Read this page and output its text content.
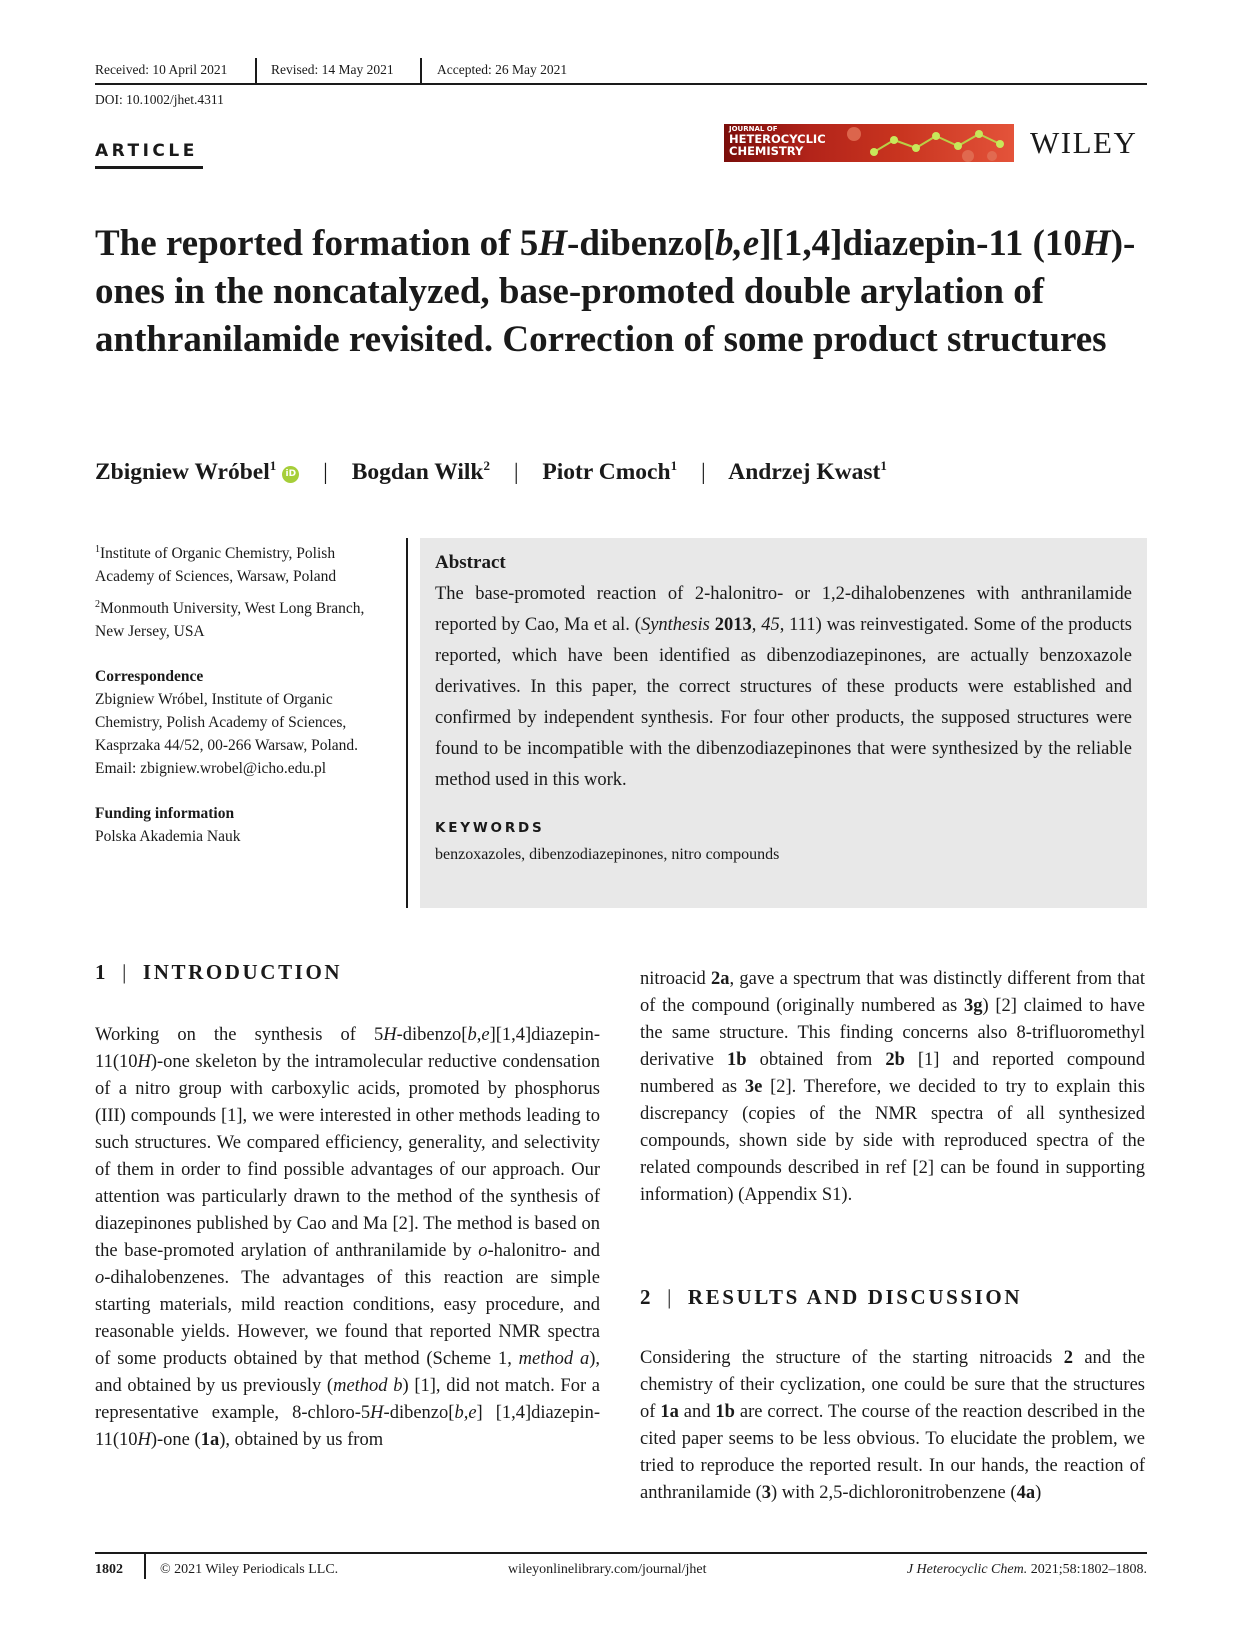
Received: 10 April 2021	Revised: 14 May 2021	Accepted: 26 May 2021
DOI: 10.1002/jhet.4311
ARTICLE
JOURNAL OF
HETEROCYCLIC
CHEMISTRY	WILEY
The reported formation of 5H-dibenzo[b,e][1,4]diazepin-11 (10H)-ones in the noncatalyzed, base-promoted double arylation of anthranilamide revisited. Correction of some product structures
Zbigniew Wróbel$^1$iD | Bogdan Wilk$^2$ | Piotr Cmoch$^1$ | Andrzej Kwast$^1$

$^1$Institute of Organic Chemistry, Polish Academy of Sciences, Warsaw, Poland

$^2$Monmouth University, West Long Branch, New Jersey, USA

Correspondence

Zbigniew Wróbel, Institute of Organic Chemistry, Polish Academy of Sciences, Kasprzaka 44/52, 00-266 Warsaw, Poland.

Email: zbigniew.wrobel@icho.edu.pl

Funding information

Polska Akademia Nauk

Abstract

The base-promoted reaction of 2-halonitro- or 1,2-dihalobenzenes with anthranilamide reported by Cao, Ma et al. (Synthesis 2013, 45, 111) was reinvestigated. Some of the products reported, which have been identified as dibenzodiazepinones, are actually benzoxazole derivatives. In this paper, the correct structures of these products were established and confirmed by independent synthesis. For four other products, the supposed structures were found to be incompatible with the dibenzodiazepinones that were synthesized by the reliable method used in this work.

KEYWORDS
benzoxazoles, dibenzodiazepinones, nitro compounds
1 | INTRODUCTION

Working on the synthesis of 5H-dibenzo[b,e][1,4]diazepin-11(10H)-one skeleton by the intramolecular reductive condensation of a nitro group with carboxylic acids, promoted by phosphorus (III) compounds [1], we were interested in other methods leading to such structures. We compared efficiency, generality, and selectivity of them in order to find possible advantages of our approach. Our attention was particularly drawn to the method of the synthesis of diazepinones published by Cao and Ma [2]. The method is based on the base-promoted arylation of anthranilamide by o-halonitro- and o-dihalobenzenes. The advantages of this reaction are simple starting materials, mild reaction conditions, easy procedure, and reasonable yields. However, we found that reported NMR spectra of some products obtained by that method (Scheme 1, method a), and obtained by us previously (method b) [1], did not match. For a representative example, 8-chloro-5H-dibenzo[b,e] [1,4]diazepin-11(10H)-one (1a), obtained by us from

nitroacid 2a, gave a spectrum that was distinctly different from that of the compound (originally numbered as 3g) [2] claimed to have the same structure. This finding concerns also 8-trifluoromethyl derivative 1b obtained from 2b [1] and reported compound numbered as 3e [2]. Therefore, we decided to try to explain this discrepancy (copies of the NMR spectra of all synthesized compounds, shown side by side with reproduced spectra of the related compounds described in ref [2] can be found in supporting information) (Appendix S1).

2 | RESULTS AND DISCUSSION

Considering the structure of the starting nitroacids 2 and the chemistry of their cyclization, one could be sure that the structures of 1a and 1b are correct. The course of the reaction described in the cited paper seems to be less obvious. To elucidate the problem, we tried to reproduce the reported result. In our hands, the reaction of anthranilamide (3) with 2,5-dichloronitrobenzene (4a)

1802	© 2021 Wiley Periodicals LLC.	wileyonlinelibrary.com/journal/jhet	J Heterocyclic Chem. 2021;58:1802–1808.
